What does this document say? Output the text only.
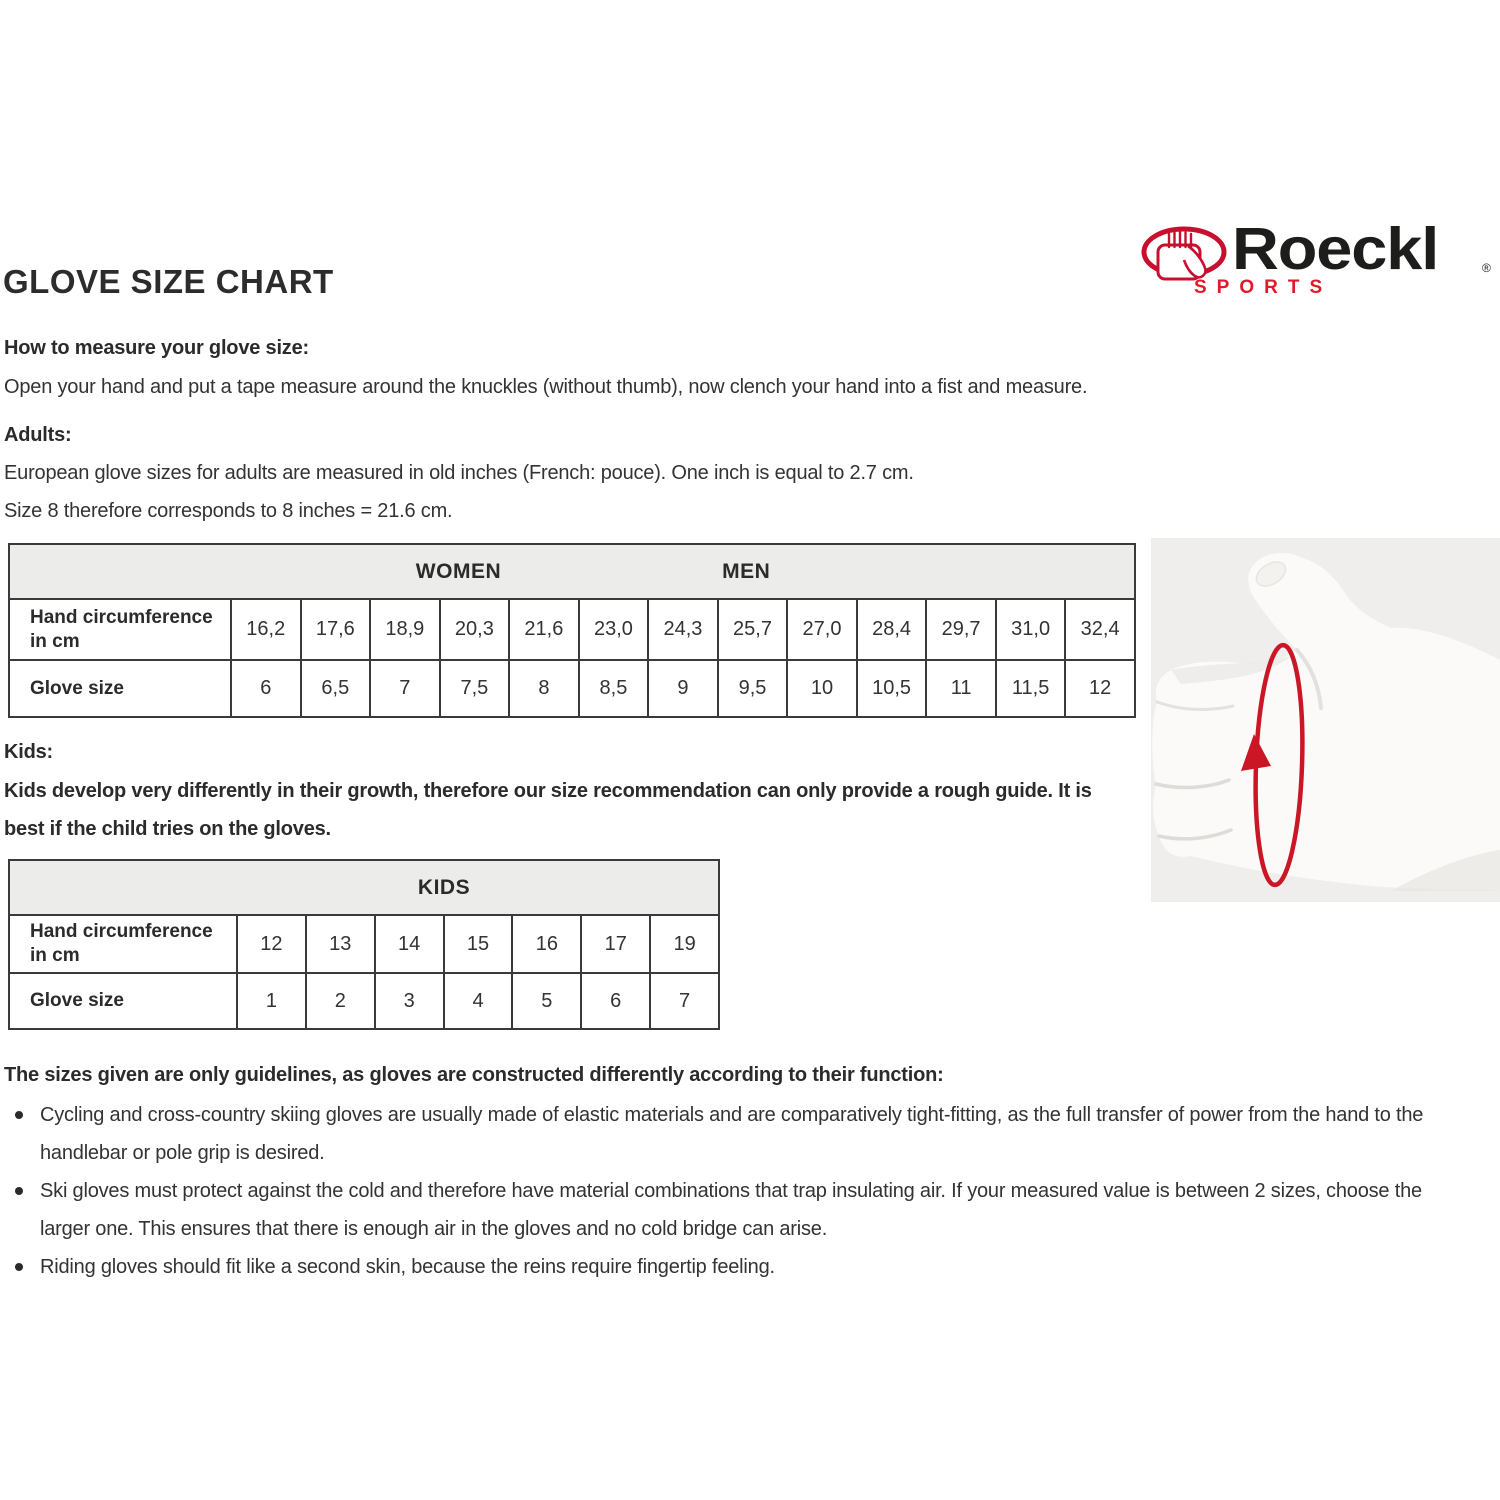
GLOVE SIZE CHART	Roeckl	®
SPORTS

How to measure your glove size:

Open your hand and put a tape measure around the knuckles (without thumb), now clench your hand into a fist and measure.

Adults:

European glove sizes for adults are measured in old inches (French: pouce). One inch is equal to 2.7 cm.

Size 8 therefore corresponds to 8 inches = 21.6 cm.

WOMEN	MEN
Hand circumference in cm
16,2	17,6	18,9	20,3	21,6	23,0	24,3	25,7	27,0	28,4	29,7	31,0	32,4
Glove size	6	6,5	7	7,5	8	8,5	9	9,5	10	10,5	11	11,5	12

Kids:

Kids develop very differently in their growth, therefore our size recommendation can only provide a rough guide. It is best if the child tries on the gloves.

KIDS
Hand circumference in cm
12	13	14	15	16	17	19
Glove size	1	2	3	4	5	6	7

The sizes given are only guidelines, as gloves are constructed differently according to their function:

Cycling and cross-country skiing gloves are usually made of elastic materials and are comparatively tight-fitting, as the full transfer of power from the hand to the handlebar or pole grip is desired.
Ski gloves must protect against the cold and therefore have material combinations that trap insulating air. If your measured value is between 2 sizes, choose the larger one. This ensures that there is enough air in the gloves and no cold bridge can arise.
Riding gloves should fit like a second skin, because the reins require fingertip feeling.
